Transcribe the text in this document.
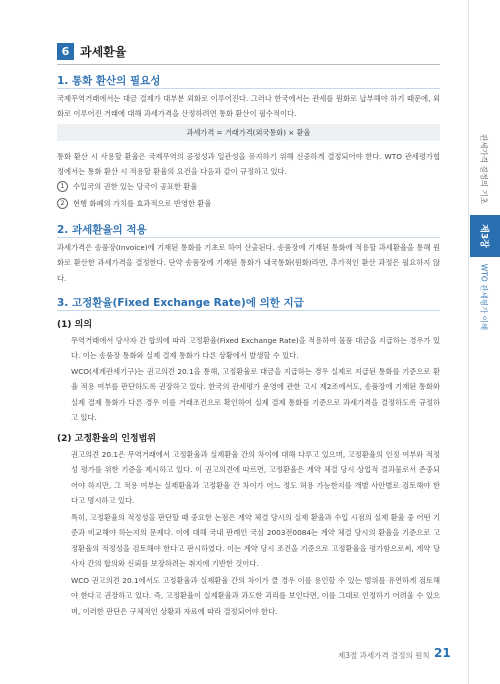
6 과세환율
1. 통화 환산의 필요성
국제무역거래에서는 대금 결제가 대부분 외화로 이루어진다. 그러나 한국에서는 관세를 원화로 납부해야 하기 때문에, 외화로 이루어진 거래에 대해 과세가격을 산정하려면 통화 환산이 필수적이다.
과세가격 = 거래가격(외국통화) × 환율
통화 환산 시 사용할 환율은 국제무역의 공정성과 일관성을 유지하기 위해 신중하게 결정되어야 한다. WTO 관세평가협정에서는 통화 환산 시 적용할 환율의 요건을 다음과 같이 규정하고 있다.
1	수입국의 권한 있는 당국이 공표한 환율
2	현행 화폐의 가치를 효과적으로 반영한 환율
2. 과세환율의 적용
과세가격은 송품장(Invoice)에 기재된 통화를 기초로 하여 산출된다. 송품장에 기재된 통화에 적용할 과세환율을 통해 원화로 환산한 과세가격을 결정한다. 단약 송품장에 기재된 통화가 내국통화(원화)라면, 추가적인 환산 과정은 필요하지 않다.
3. 고정환율(Fixed Exchange Rate)에 의한 지급
(1) 의의
무역거래에서 당사자 간 합의에 따라 고정환율(Fixed Exchange Rate)을 적용하여 물품 대금을 지급하는 경우가 있다. 이는 송품장 통화와 실제 결제 통화가 다른 상황에서 발생할 수 있다.
WCO(세계관세기구)는 권고의견 20.1을 통해, 고정환율로 대금을 지급하는 경우 실제로 지급된 통화를 기준으로 환율 적용 여부를 판단하도록 권장하고 있다. 한국의 관세평가 운영에 관한 고시 제2조에서도, 송품장에 기재된 통화와 실제 결제 통화가 다른 경우 이를 거래조건으로 확인하여 실제 결제 통화를 기준으로 과세가격을 결정하도록 규정하고 있다.
(2) 고정환율의 인정범위
권고의견 20.1은 무역거래에서 고정환율과 실제환율 간의 차이에 대해 다루고 있으며, 고정환율의 인정 여부와 적정성 평가를 위한 기준을 제시하고 있다. 이 권고의견에 따르면, 고정환율은 계약 체결 당시 상업적 결과물로서 존중되어야 하지만, 그 적용 여부는 실제환율과 고정환율 간 차이가 어느 정도 허용 가능한지를 개별 사안별로 검토해야 한다고 명시하고 있다.
특히, 고정환율의 적정성을 판단할 때 중요한 논점은 계약 체결 당시의 실제 환율과 수입 시점의 실제 환율 중 어떤 기준과 비교해야 하는지의 문제다. 이에 대해 국내 판례인 국심 2003전0084는 계약 체결 당시의 환율을 기준으로 고정환율의 적정성을 검토해야 한다고 판시하였다. 이는 계약 당시 조건을 기준으로 고정환율을 평가함으로써, 계약 당사자 간의 합의와 신뢰를 보장하려는 취지에 기반한 것이다.
WCO 권고의견 20.1에서도 고정환율과 실제환율 간의 차이가 클 경우 이를 용인할 수 있는 범위를 유연하게 검토해야 한다고 권장하고 있다. 즉, 고정환율이 실제환율과 과도한 괴리를 보인다면, 이를 그대로 인정하기 어려울 수 있으며, 이러한 판단은 구체적인 상황과 자료에 따라 결정되어야 한다.
관세가격 결정의 기초
제3장
WTO 관세평가 이해
제3절 과세가격 결정의 원칙 21
